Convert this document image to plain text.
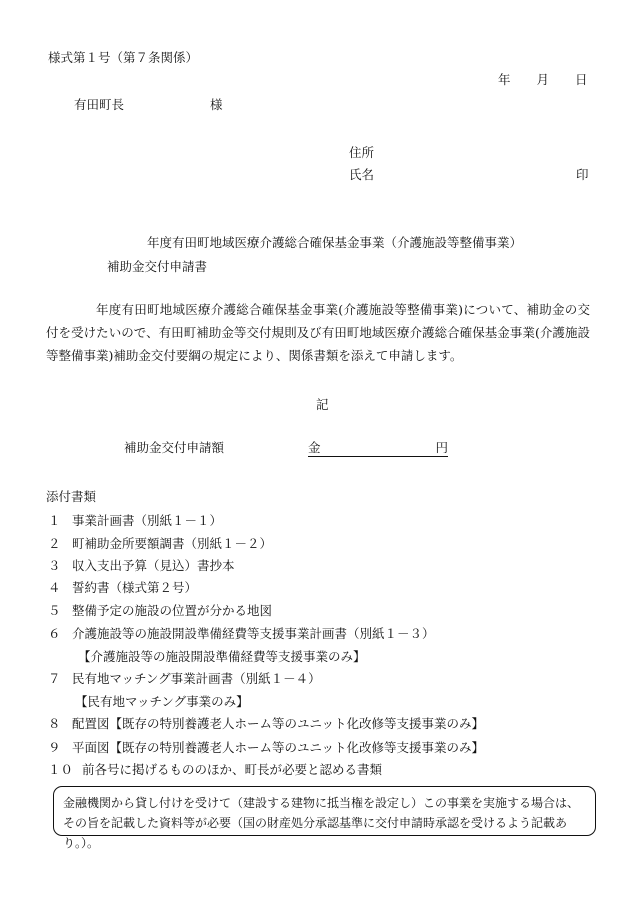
様式第１号（第７条関係）
年 月 日
有田町長	様
住所
氏名	印
年度有田町地域医療介護総合確保基金事業（介護施設等整備事業）
補助金交付申請書

年度有田町地域医療介護総合確保基金事業(介護施設等整備事業)について、補助金の交付を受けたいので、有田町補助金等交付規則及び有田町地域医療介護総合確保基金事業(介護施設等整備事業)補助金交付要綱の規定により、関係書類を添えて申請します。

記
補助金交付申請額	金	円
添付書類
１ 事業計画書（別紙１－１）
２ 町補助金所要額調書（別紙１－２）
３ 収入支出予算（見込）書抄本
４ 誓約書（様式第２号）
５ 整備予定の施設の位置が分かる地図
６ 介護施設等の施設開設準備経費等支援事業計画書（別紙１－３）
【介護施設等の施設開設準備経費等支援事業のみ】
７ 民有地マッチング事業計画書（別紙１－４）
【民有地マッチング事業のみ】
８ 配置図【既存の特別養護老人ホーム等のユニット化改修等支援事業のみ】
９ 平面図【既存の特別養護老人ホーム等のユニット化改修等支援事業のみ】
１０ 前各号に掲げるもののほか、町長が必要と認める書類
金融機関から貸し付けを受けて（建設する建物に抵当権を設定し）この事業を実施する場合は、その旨を記載した資料等が必要（国の財産処分承認基準に交付申請時承認を受けるよう記載あり。）。
